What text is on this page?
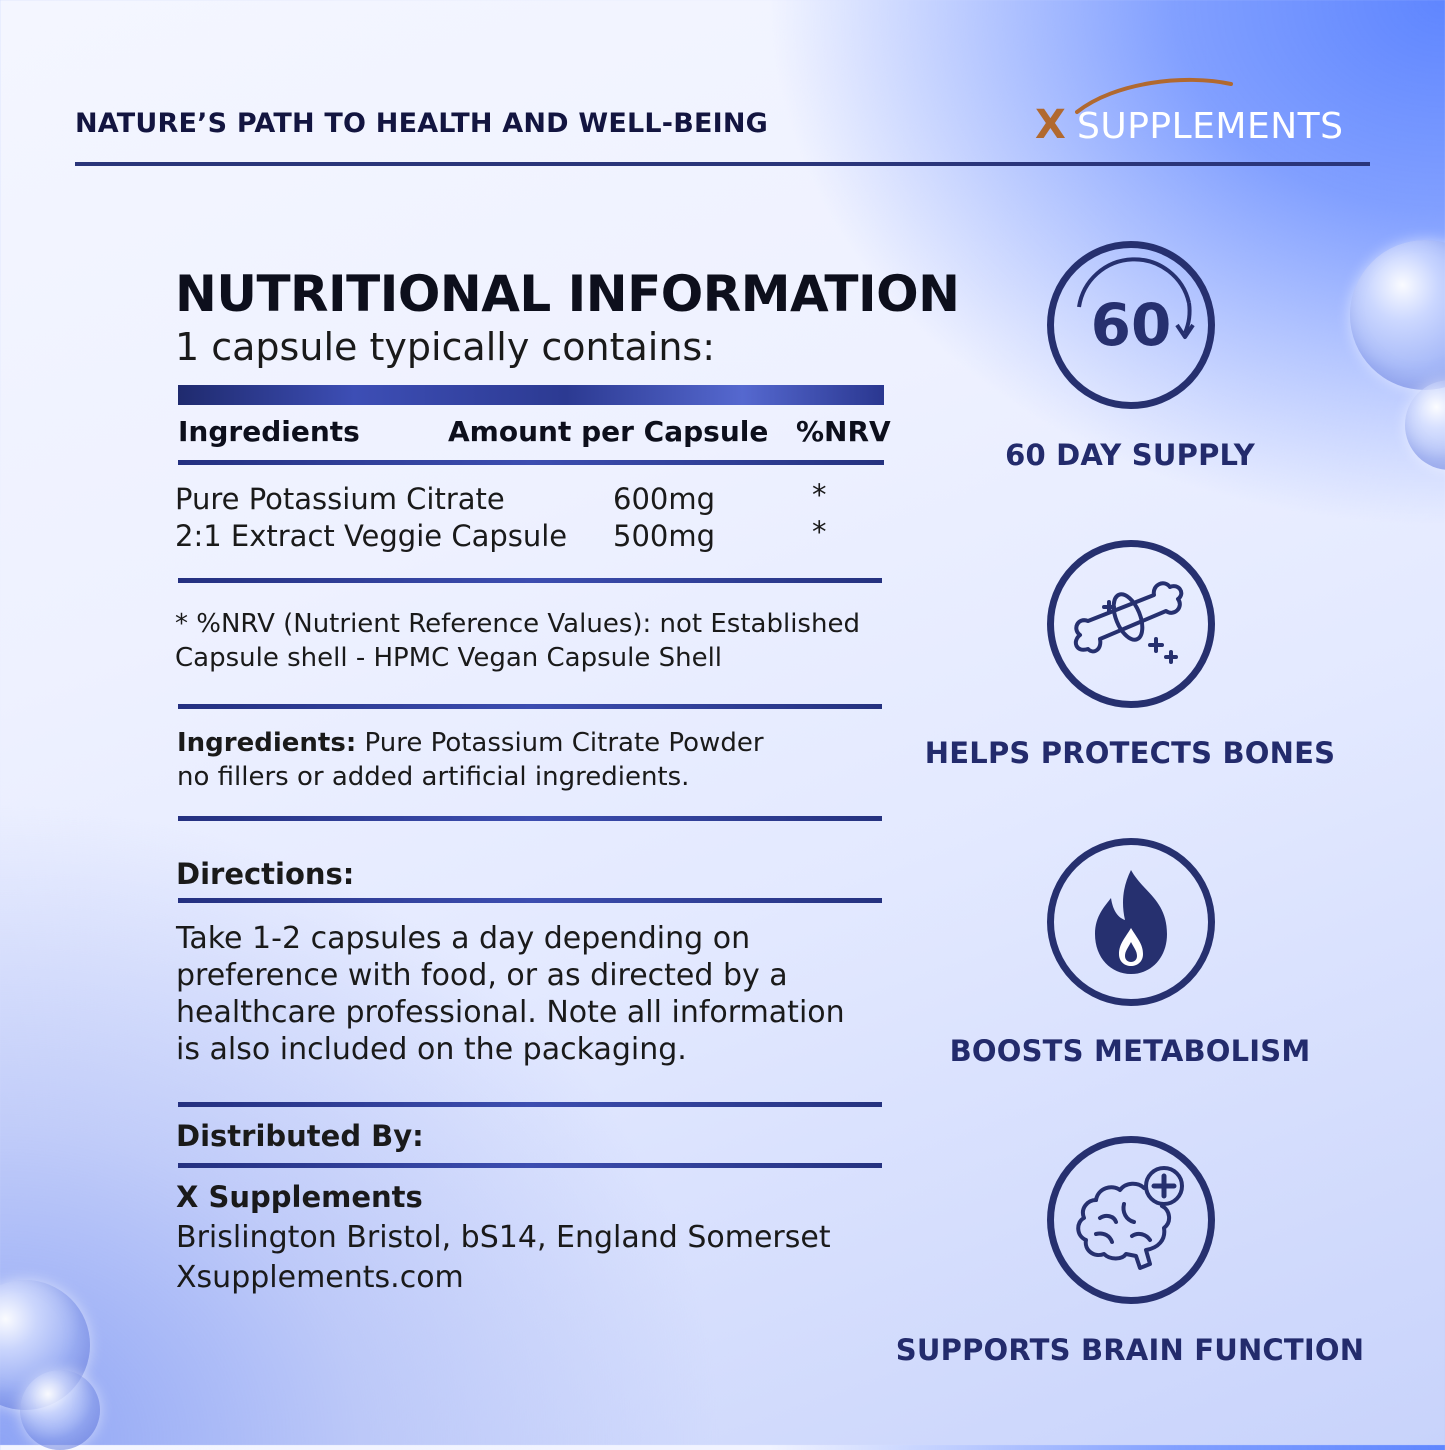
NATURE’S PATH TO HEALTH AND WELL-BEING	X SUPPLEMENTS
NUTRITIONAL INFORMATION
1 capsule typically contains:
Ingredients	Amount per Capsule %NRV
Pure Potassium Citrate	600mg	*
2:1 Extract Veggie Capsule 500mg	*
* %NRV (Nutrient Reference Values): not Established
Capsule shell - HPMC Vegan Capsule Shell
Ingredients: Pure Potassium Citrate Powder
no fillers or added artificial ingredients.
Directions:
Take 1-2 capsules a day depending on
preference with food, or as directed by a
healthcare professional. Note all information
is also included on the packaging.
Distributed By:
X Supplements
Brislington Bristol, bS14, England Somerset
Xsupplements.com
60
60 DAY SUPPLY
HELPS PROTECTS BONES
BOOSTS METABOLISM
SUPPORTS BRAIN FUNCTION
